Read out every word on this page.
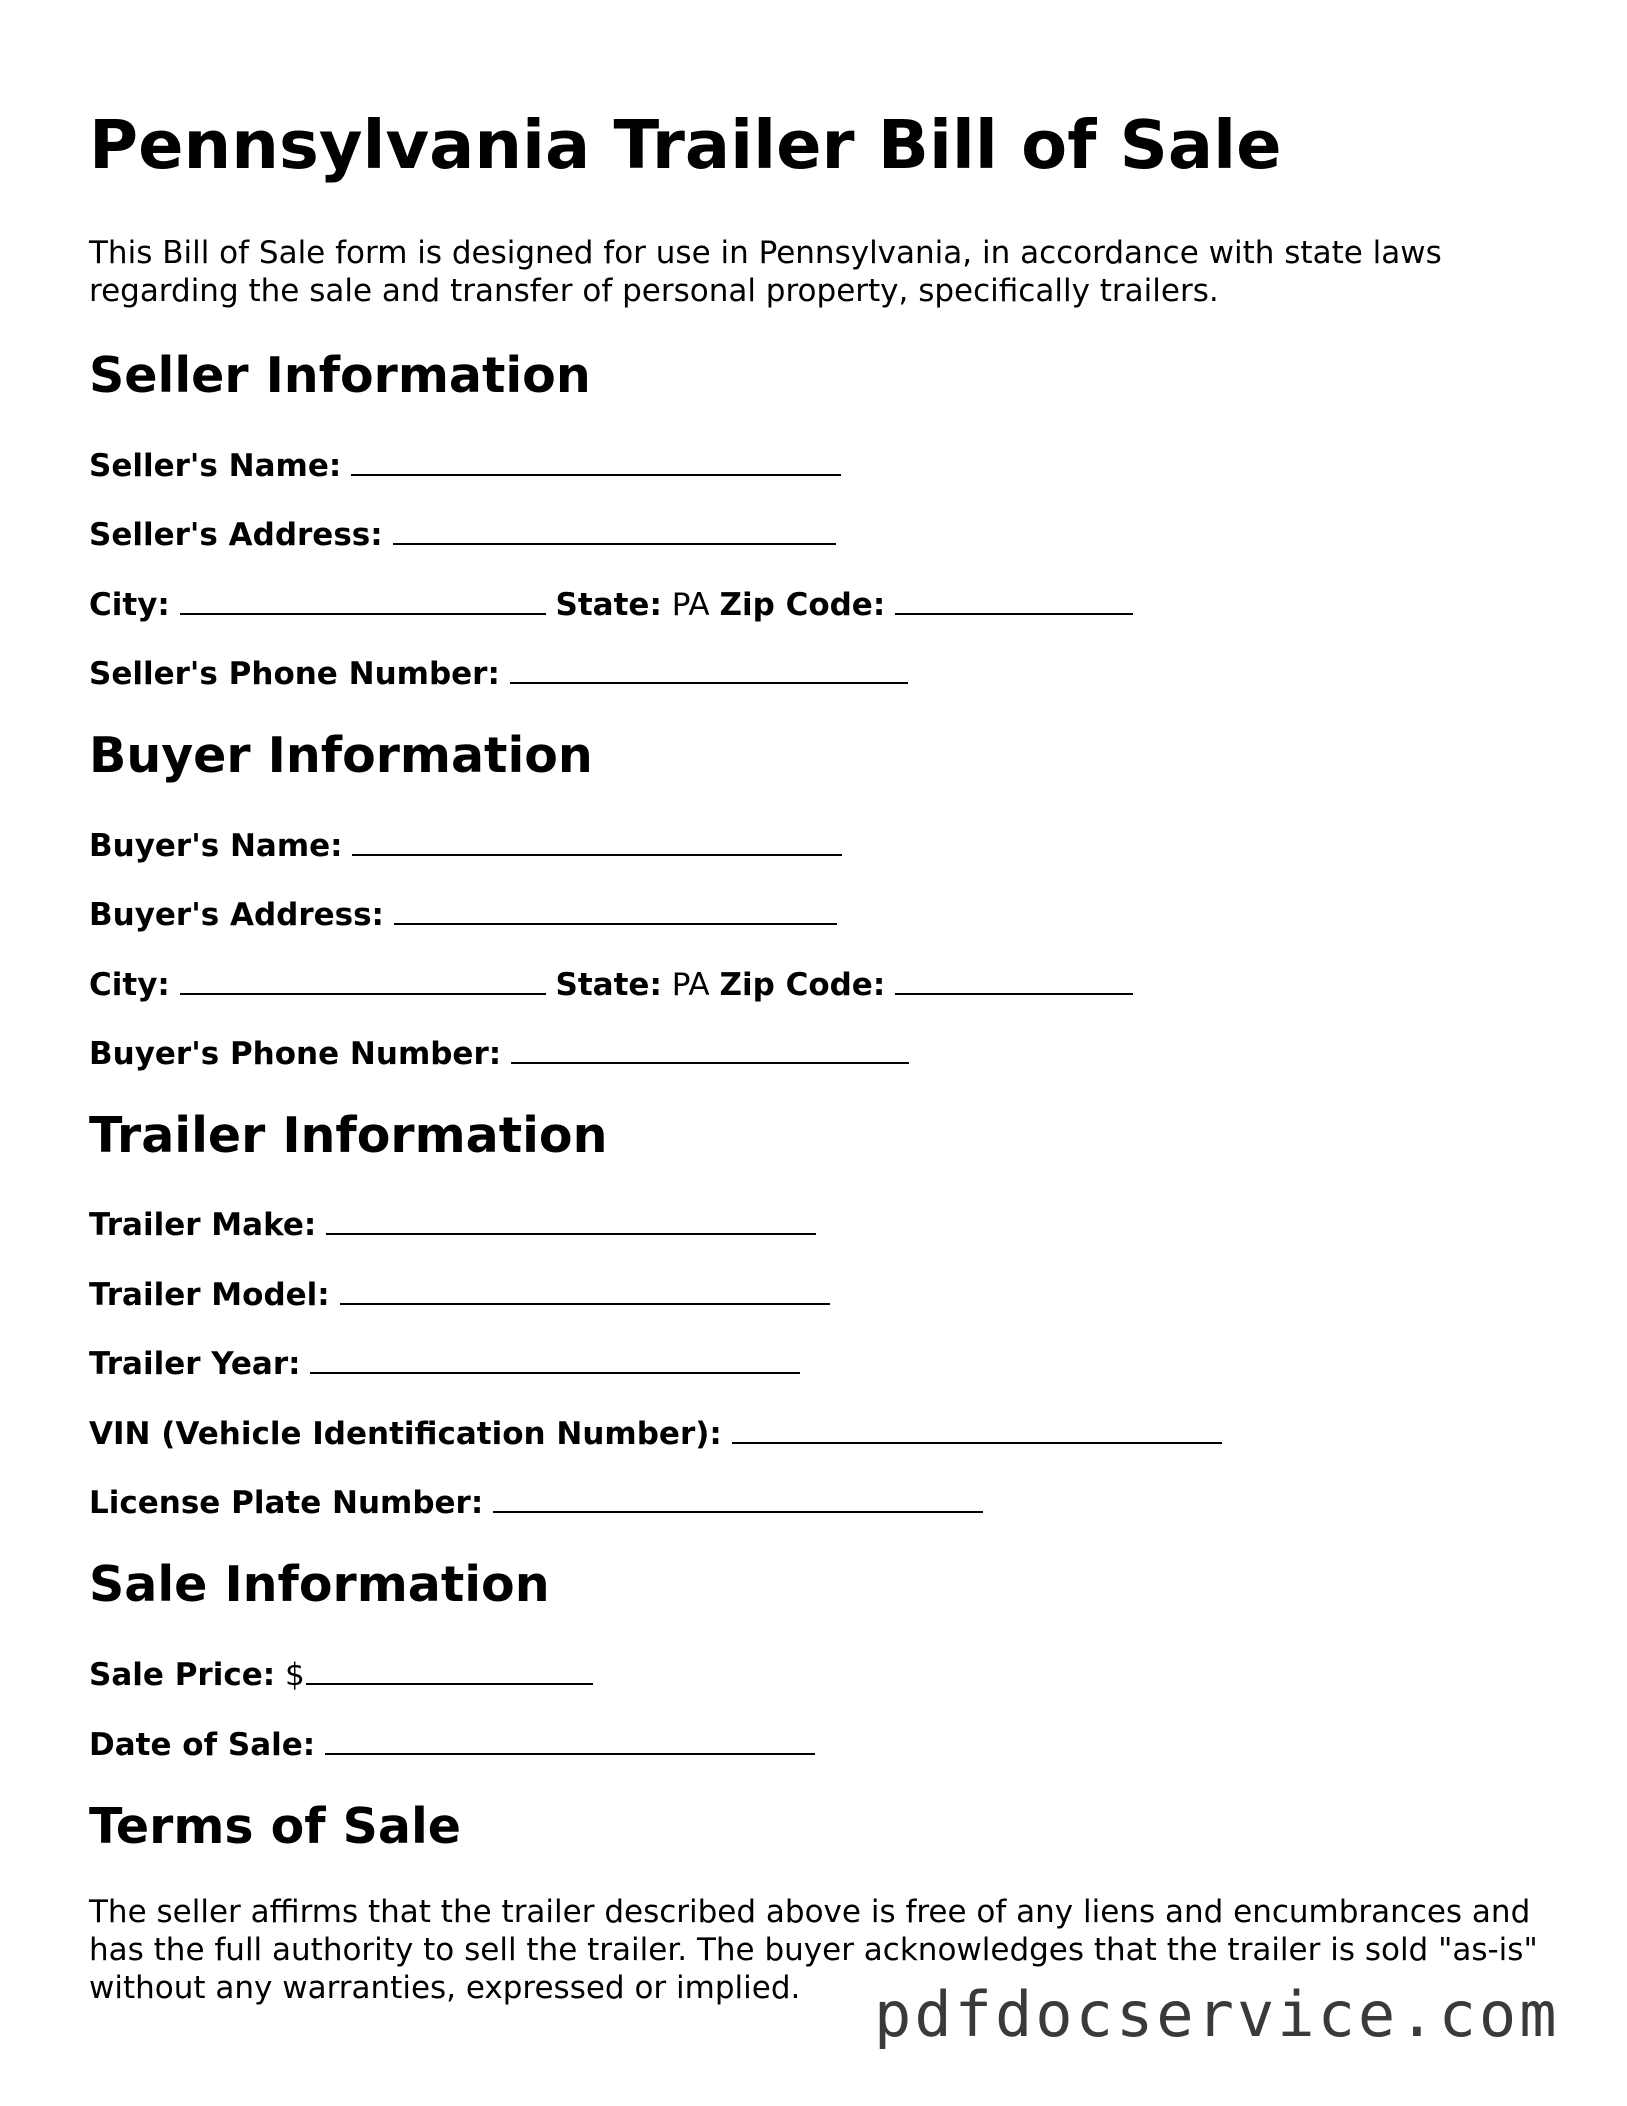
Pennsylvania Trailer Bill of Sale

This Bill of Sale form is designed for use in Pennsylvania, in accordance with state laws regarding the sale and transfer of personal property, specifically trailers.

Seller Information
Seller's Name:
Seller's Address:
City:	State: PA Zip Code:
Seller's Phone Number:
Buyer Information
Buyer's Name:
Buyer's Address:
City:	State: PA Zip Code:
Buyer's Phone Number:
Trailer Information
Trailer Make:
Trailer Model:
Trailer Year:
VIN (Vehicle Identification Number):
License Plate Number:
Sale Information
Sale Price: $
Date of Sale:
Terms of Sale

The seller affirms that the trailer described above is free of any liens and encumbrances and has the full authority to sell the trailer. The buyer acknowledges that the trailer is sold "as-is" without any warranties, expressed or implied.	pdfdocservice.com
